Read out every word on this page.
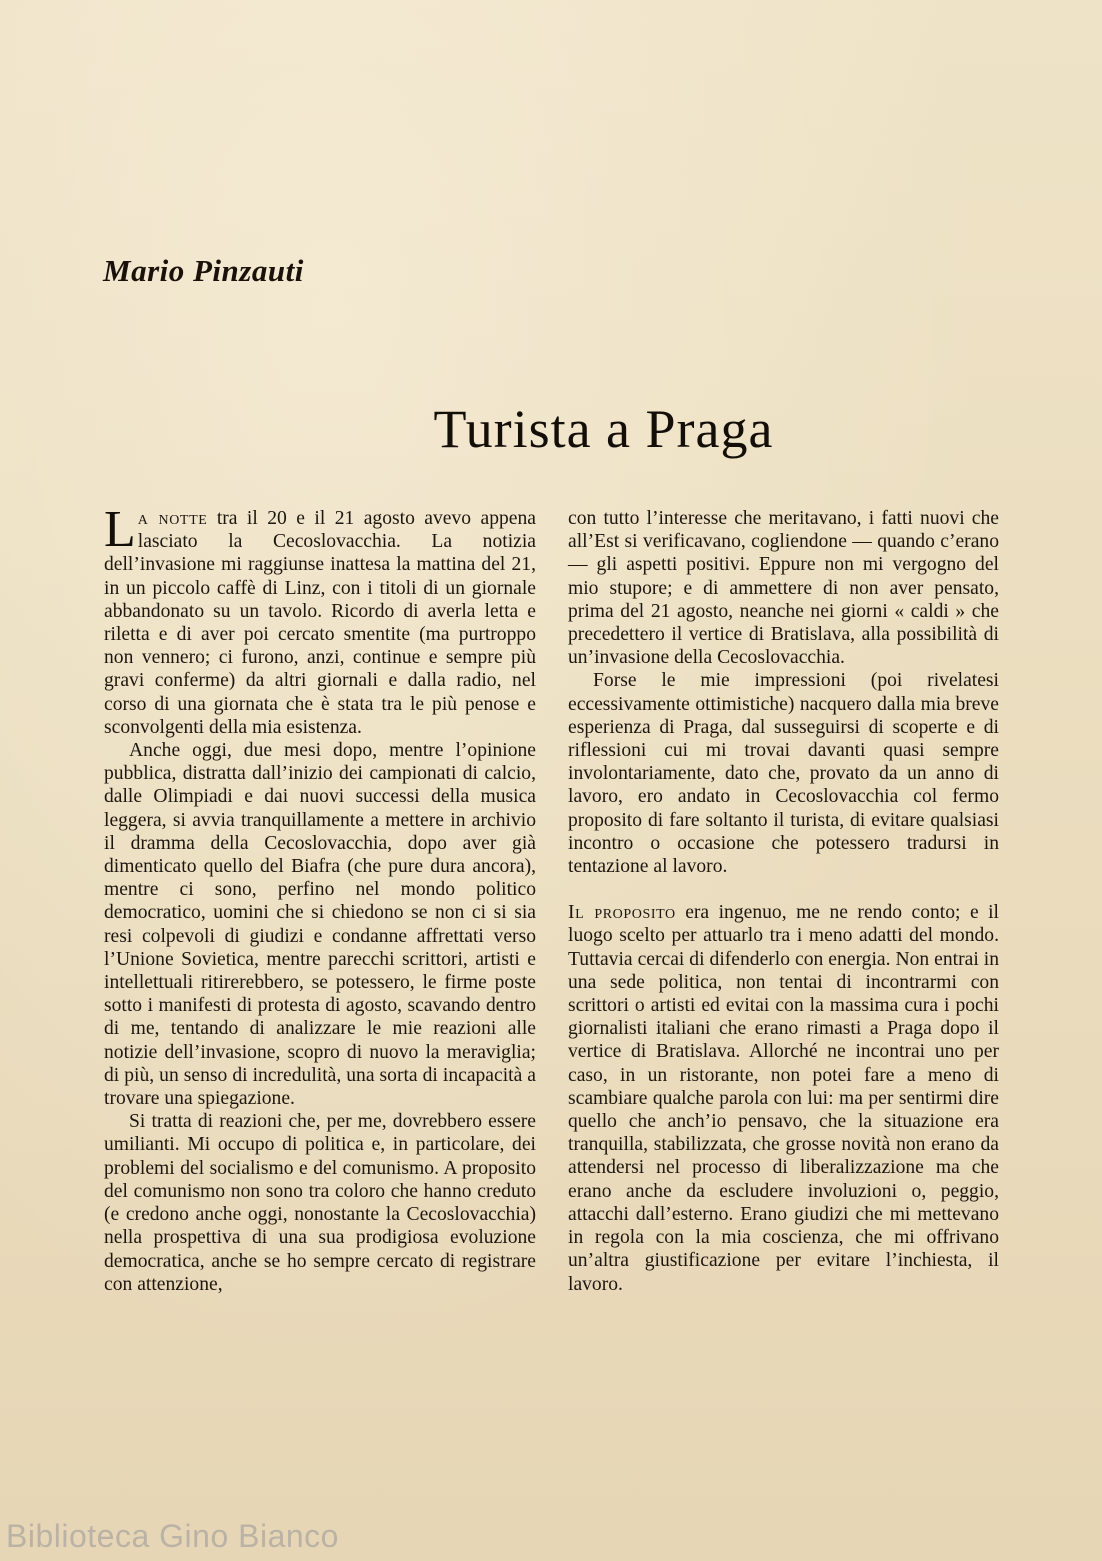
Mario Pinzauti
Turista a Praga

La notte tra il 20 e il 21 agosto avevo appena lasciato la Cecoslovacchia. La notizia dell’invasione mi raggiunse inattesa la mattina del 21, in un piccolo caffè di Linz, con i titoli di un giornale abbandonato su un tavolo. Ricordo di averla letta e riletta e di aver poi cercato smentite (ma purtroppo non vennero; ci furono, anzi, continue e sempre più gravi conferme) da altri giornali e dalla radio, nel corso di una giornata che è stata tra le più penose e sconvolgenti della mia esistenza.

Anche oggi, due mesi dopo, mentre l’opinione pubblica, distratta dall’inizio dei campionati di calcio, dalle Olimpiadi e dai nuovi successi della musica leggera, si avvia tranquillamente a mettere in archivio il dramma della Cecoslovacchia, dopo aver già dimenticato quello del Biafra (che pure dura ancora), mentre ci sono, perfino nel mondo politico democratico, uomini che si chiedono se non ci si sia resi colpevoli di giudizi e condanne affrettati verso l’Unione Sovietica, mentre parecchi scrittori, artisti e intellettuali ritirerebbero, se potessero, le firme poste sotto i manifesti di protesta di agosto, scavando dentro di me, tentando di analizzare le mie reazioni alle notizie dell’invasione, scopro di nuovo la meraviglia; di più, un senso di incredulità, una sorta di incapacità a trovare una spiegazione.

Si tratta di reazioni che, per me, dovrebbero essere umilianti. Mi occupo di politica e, in particolare, dei problemi del socialismo e del comunismo. A proposito del comunismo non sono tra coloro che hanno creduto (e credono anche oggi, nonostante la Cecoslovacchia) nella prospettiva di una sua prodigiosa evoluzione democratica, anche se ho sempre cercato di registrare con attenzione,

con tutto l’interesse che meritavano, i fatti nuovi che all’Est si verificavano, cogliendone — quando c’erano — gli aspetti positivi. Eppure non mi vergogno del mio stupore; e di ammettere di non aver pensato, prima del 21 agosto, neanche nei giorni « caldi » che precedettero il vertice di Bratislava, alla possibilità di un’invasione della Cecoslovacchia.

Forse le mie impressioni (poi rivelatesi eccessivamente ottimistiche) nacquero dalla mia breve esperienza di Praga, dal susseguirsi di scoperte e di riflessioni cui mi trovai davanti quasi sempre involontariamente, dato che, provato da un anno di lavoro, ero andato in Cecoslovacchia col fermo proposito di fare soltanto il turista, di evitare qualsiasi incontro o occasione che potessero tradursi in tentazione al lavoro.

Il proposito era ingenuo, me ne rendo conto; e il luogo scelto per attuarlo tra i meno adatti del mondo. Tuttavia cercai di difenderlo con energia. Non entrai in una sede politica, non tentai di incontrarmi con scrittori o artisti ed evitai con la massima cura i pochi giornalisti italiani che erano rimasti a Praga dopo il vertice di Bratislava. Allorché ne incontrai uno per caso, in un ristorante, non potei fare a meno di scambiare qualche parola con lui: ma per sentirmi dire quello che anch’io pensavo, che la situazione era tranquilla, stabilizzata, che grosse novità non erano da attendersi nel processo di liberalizzazione ma che erano anche da escludere involuzioni o, peggio, attacchi dall’esterno. Erano giudizi che mi mettevano in regola con la mia coscienza, che mi offrivano un’altra giustificazione per evitare l’inchiesta, il lavoro.

Biblioteca Gino Bianco
